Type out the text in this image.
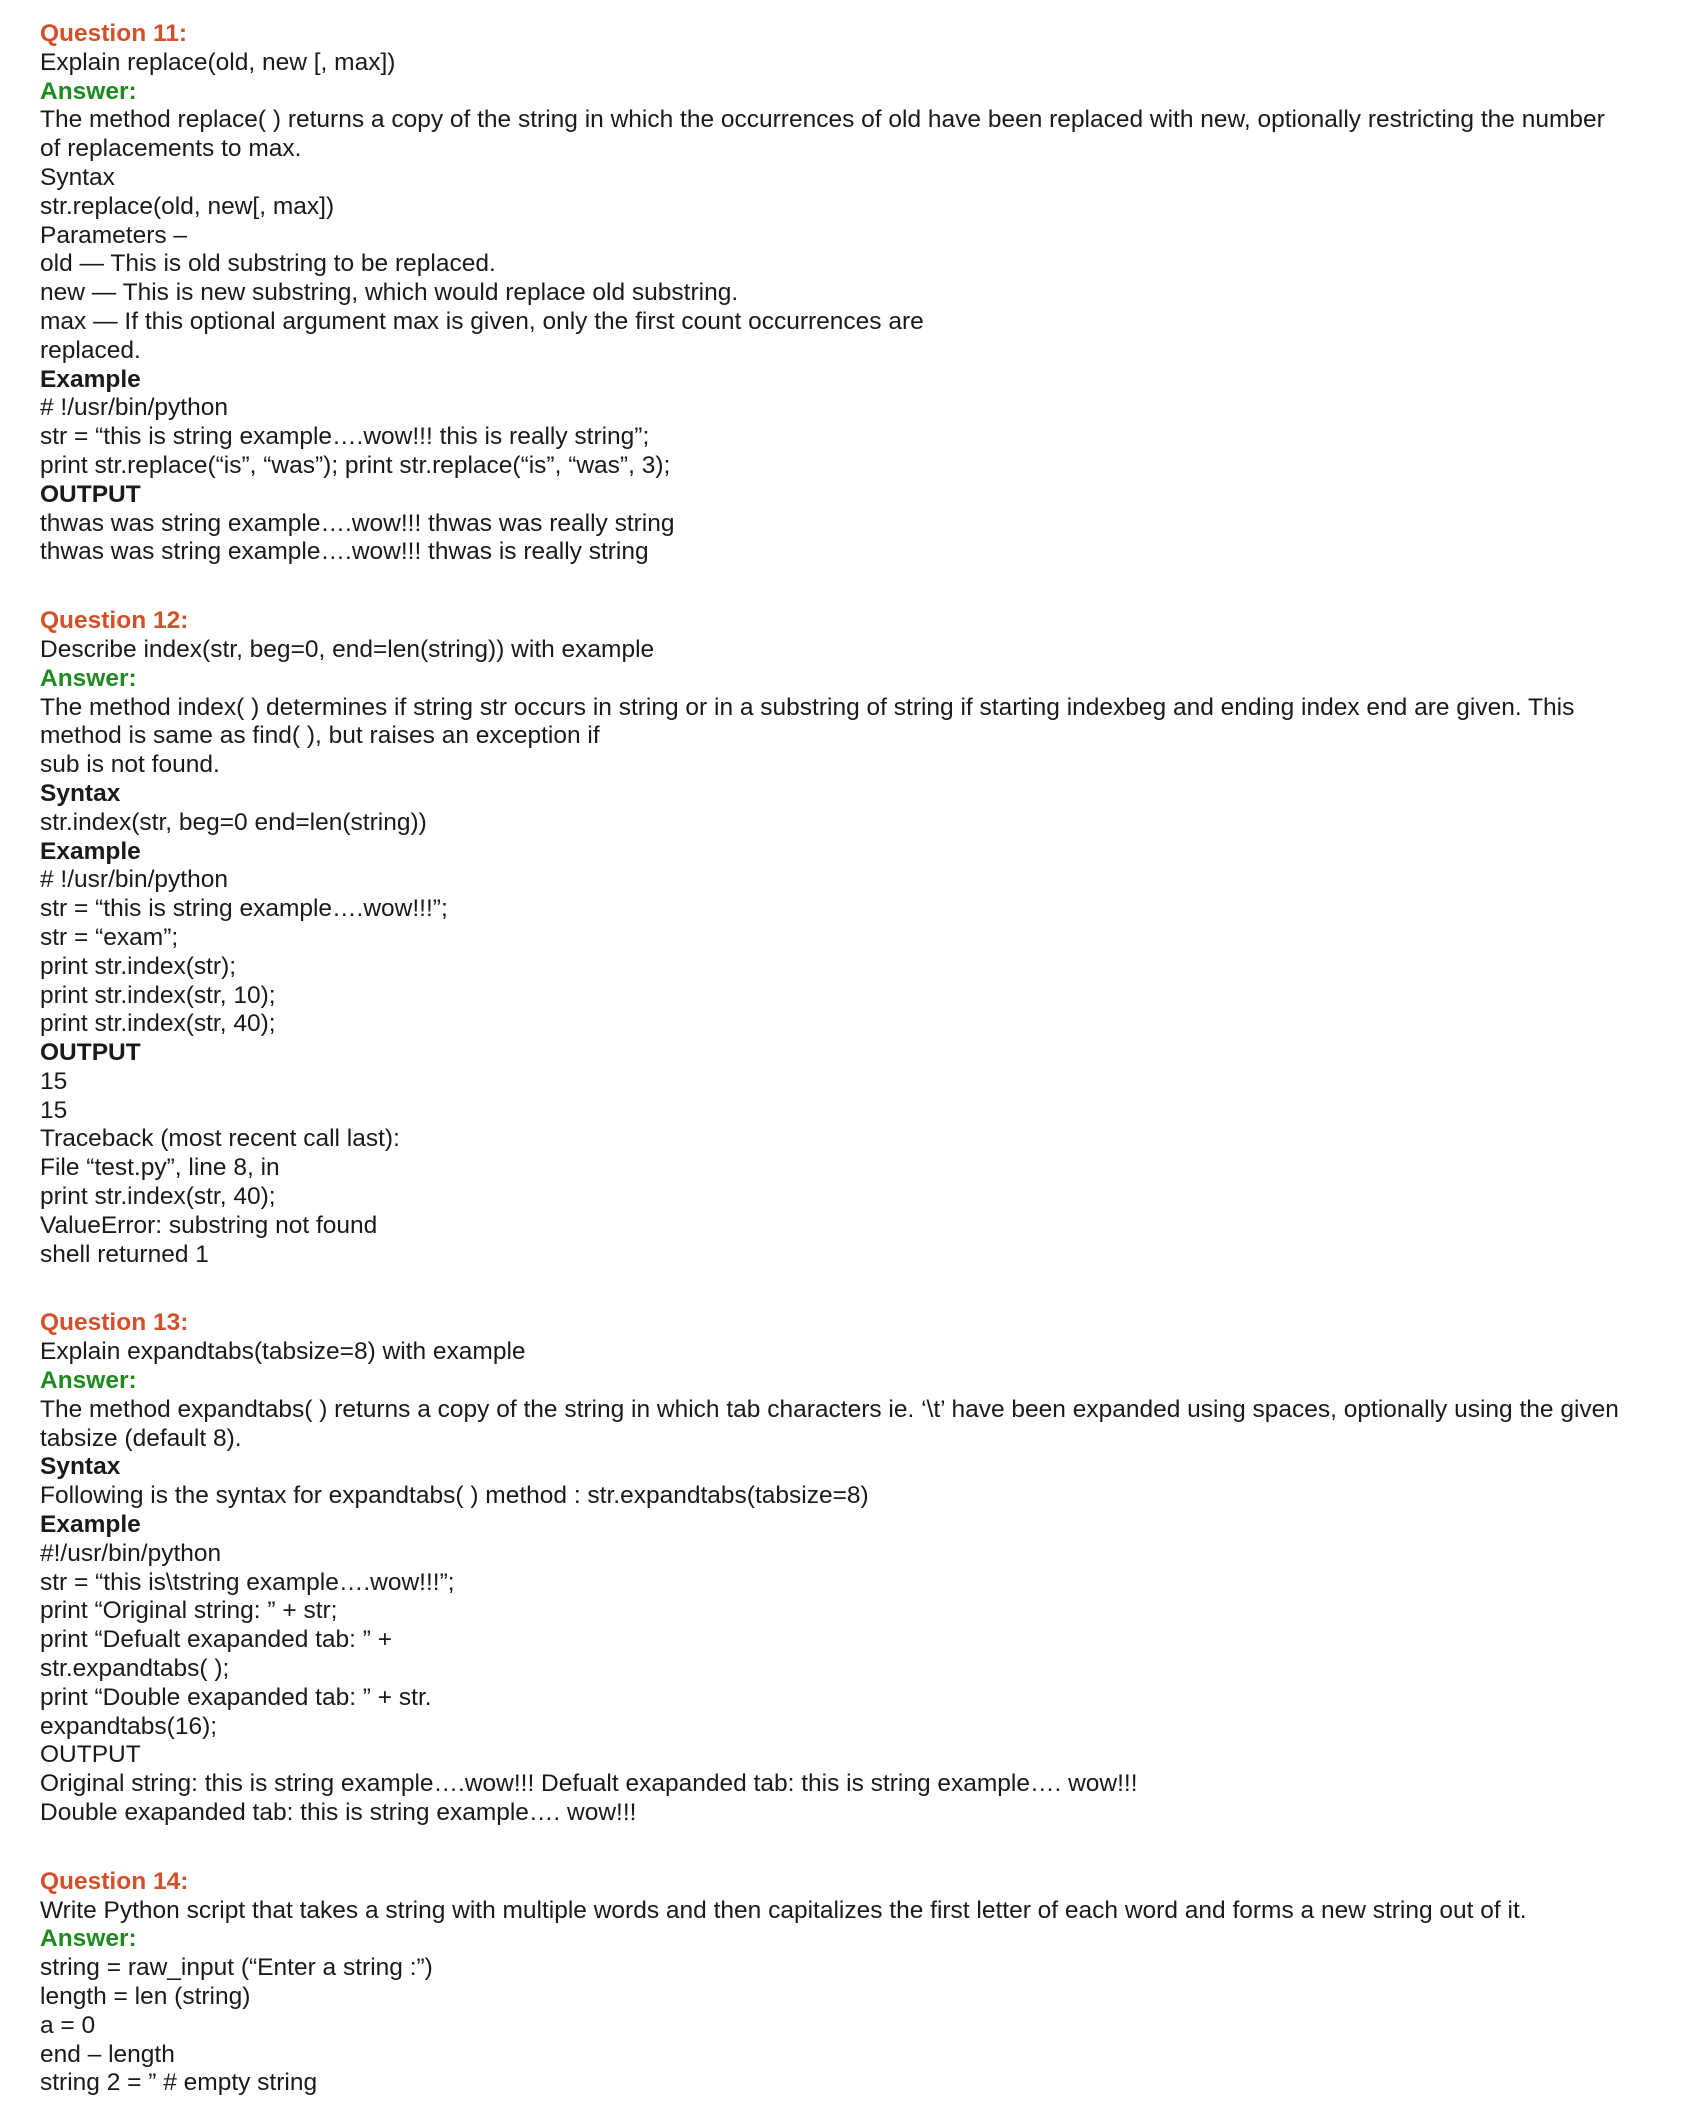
Question 11:
Explain replace(old, new [, max])
Answer:
The method replace( ) returns a copy of the string in which the occurrences of old have been replaced with new, optionally restricting the number
of replacements to max.
Syntax
str.replace(old, new[, max])
Parameters –
old — This is old substring to be replaced.
new — This is new substring, which would replace old substring.
max — If this optional argument max is given, only the first count occurrences are
replaced.
Example
# !/usr/bin/python
str = “this is string example….wow!!! this is really string”;
print str.replace(“is”, “was”); print str.replace(“is”, “was”, 3);
OUTPUT
thwas was string example….wow!!! thwas was really string
thwas was string example….wow!!! thwas is really string
Question 12:
Describe index(str, beg=0, end=len(string)) with example
Answer:
The method index( ) determines if string str occurs in string or in a substring of string if starting indexbeg and ending index end are given. This
method is same as find( ), but raises an exception if
sub is not found.
Syntax
str.index(str, beg=0 end=len(string))
Example
# !/usr/bin/python
str = “this is string example….wow!!!”;
str = “exam”;
print str.index(str);
print str.index(str, 10);
print str.index(str, 40);
OUTPUT
15
15
Traceback (most recent call last):
File “test.py”, line 8, in
print str.index(str, 40);
ValueError: substring not found
shell returned 1
Question 13:
Explain expandtabs(tabsize=8) with example
Answer:
The method expandtabs( ) returns a copy of the string in which tab characters ie. ‘\t’ have been expanded using spaces, optionally using the given
tabsize (default 8).
Syntax
Following is the syntax for expandtabs( ) method : str.expandtabs(tabsize=8)
Example
#!/usr/bin/python
str = “this is\tstring example….wow!!!”;
print “Original string: ” + str;
print “Defualt exapanded tab: ” +
str.expandtabs( );
print “Double exapanded tab: ” + str.
expandtabs(16);
OUTPUT
Original string: this is string example….wow!!! Defualt exapanded tab: this is string example…. wow!!!
Double exapanded tab: this is string example…. wow!!!
Question 14:
Write Python script that takes a string with multiple words and then capitalizes the first letter of each word and forms a new string out of it.
Answer:
string = raw_input (“Enter a string :”)
length = len (string)
a = 0
end – length
string 2 = ” # empty string
